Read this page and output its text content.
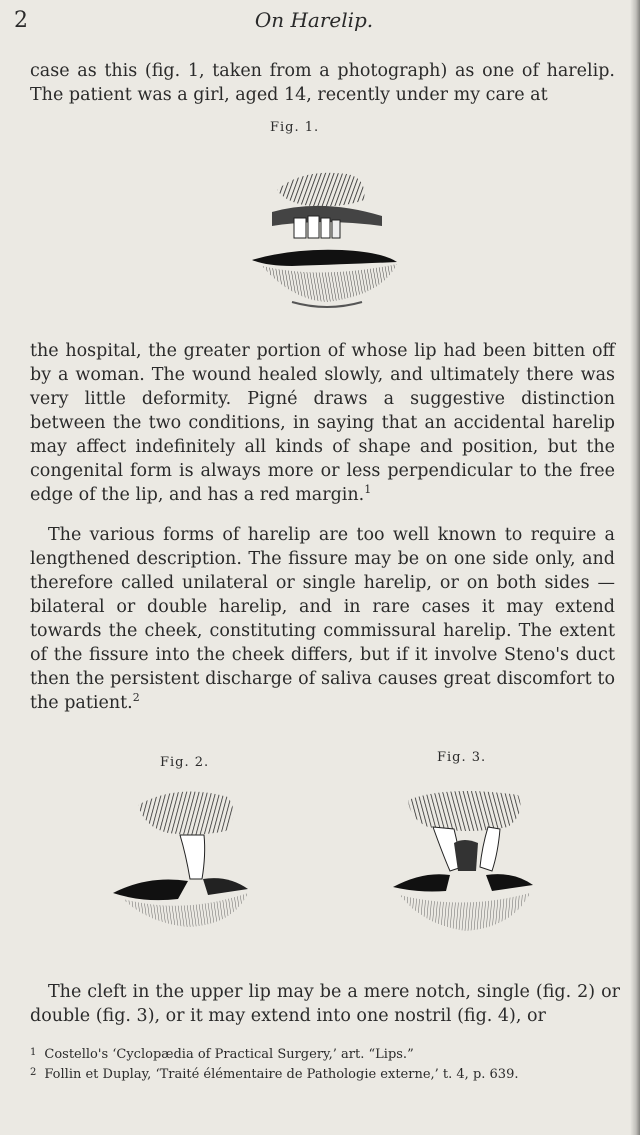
2	On Harelip.

case as this (fig. 1, taken from a photograph) as one of harelip. The patient was a girl, aged 14, recently under my care at

Fig. 1.

the hospital, the greater portion of whose lip had been bitten off by a woman. The wound healed slowly, and ultimately there was very little deformity. Pigné draws a suggestive distinction between the two conditions, in saying that an accidental harelip may affect indefinitely all kinds of shape and position, but the congenital form is always more or less perpendicular to the free edge of the lip, and has a red margin.$^1$

The various forms of harelip are too well known to require a lengthened description. The fissure may be on one side only, and therefore called unilateral or single harelip, or on both sides —bilateral or double harelip, and in rare cases it may extend towards the cheek, constituting commissural harelip. The extent of the fissure into the cheek differs, but if it involve Steno's duct then the persistent discharge of saliva causes great discomfort to the patient.$^2$

Fig. 2.	Fig. 3.

The cleft in the upper lip may be a mere notch, single (fig. 2) or double (fig. 3), or it may extend into one nostril (fig. 4), or

$^1$ Costello's ‘Cyclopædia of Practical Surgery,’ art. “Lips.”
$^2$ Follin et Duplay, ‘Traité élémentaire de Pathologie externe,’ t. 4, p. 639.
